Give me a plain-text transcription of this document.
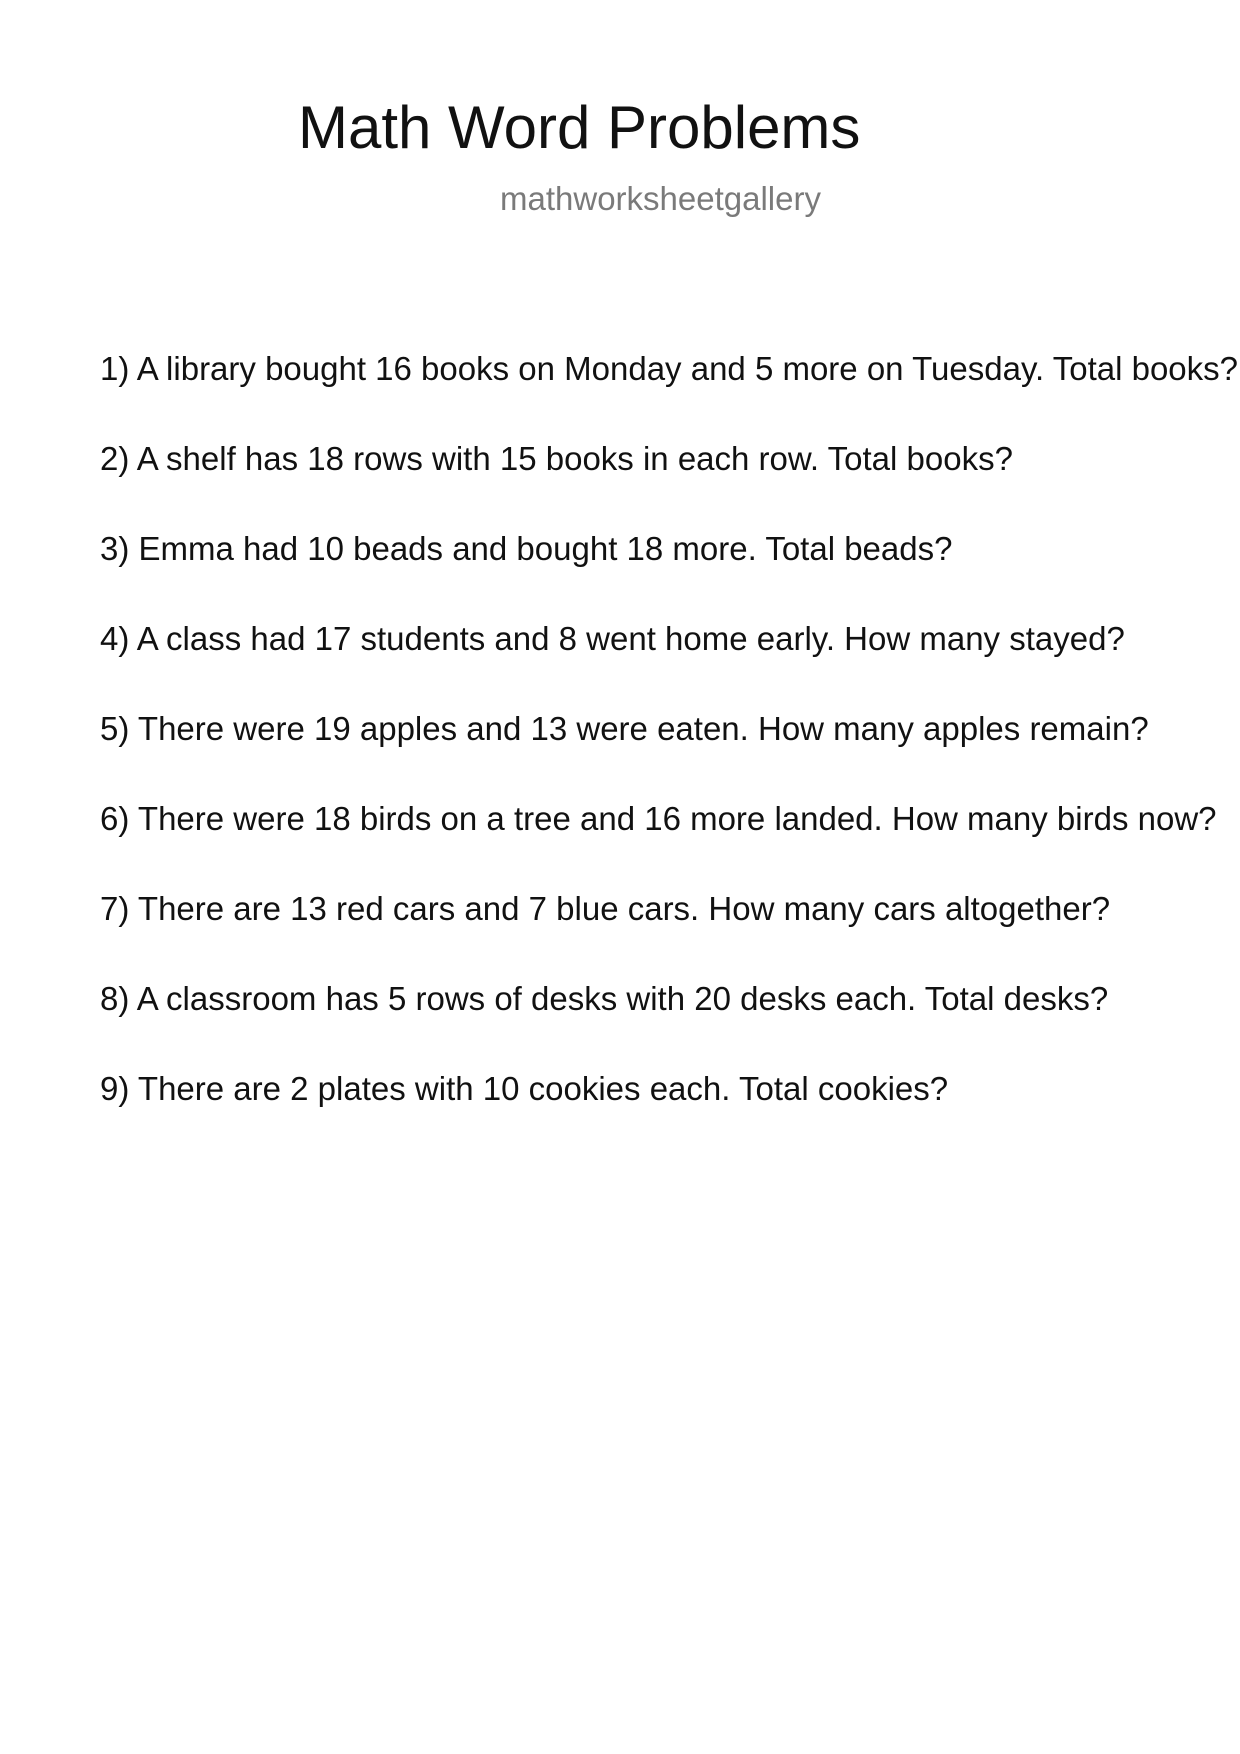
Math Word Problems
mathworksheetgallery
1) A library bought 16 books on Monday and 5 more on Tuesday. Total books?
2) A shelf has 18 rows with 15 books in each row. Total books?
3) Emma had 10 beads and bought 18 more. Total beads?
4) A class had 17 students and 8 went home early. How many stayed?
5) There were 19 apples and 13 were eaten. How many apples remain?
6) There were 18 birds on a tree and 16 more landed. How many birds now?
7) There are 13 red cars and 7 blue cars. How many cars altogether?
8) A classroom has 5 rows of desks with 20 desks each. Total desks?
9) There are 2 plates with 10 cookies each. Total cookies?
